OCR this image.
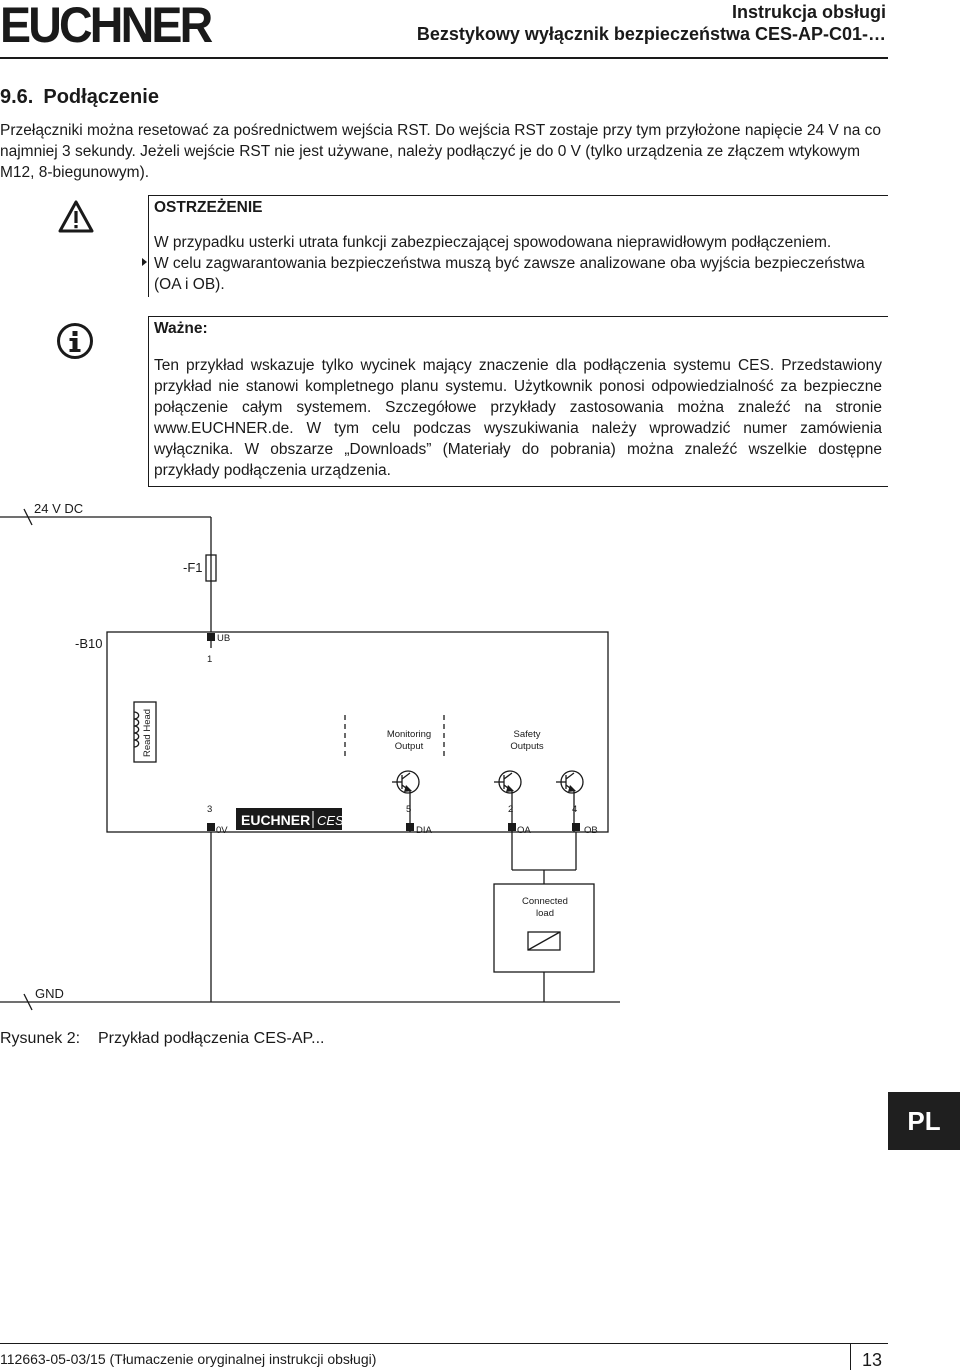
EUCHNER	Instrukcja obsługi
Bezstykowy wyłącznik bezpieczeństwa CES-AP-C01-…
9.6. Podłączenie
Przełączniki można resetować za pośrednictwem wejścia RST. Do wejścia RST zostaje przy tym przyłożone napięcie 24 V na co najmniej 3 sekundy. Jeżeli wejście RST nie jest używane, należy podłączyć je do 0 V (tylko urządzenia ze złączem wtykowym M12, 8-biegunowym).
OSTRZEŻENIE
W przypadku usterki utrata funkcji zabezpieczającej spowodowana nieprawidłowym podłączeniem.
W celu zagwarantowania bezpieczeństwa muszą być zawsze analizowane oba wyjścia bezpieczeństwa (OA i OB).
Ważne:
Ten przykład wskazuje tylko wycinek mający znaczenie dla podłączenia systemu CES. Przedstawiony przykład nie stanowi kompletnego planu systemu. Użytkownik ponosi odpowiedzialność za bezpieczne połączenie całym systemem. Szczegółowe przykłady zastosowania można znaleźć na stronie www.EUCHNER.de. W tym celu podczas wyszukiwania należy wprowadzić numer zamówienia wyłącznika. W obszarze „Downloads” (Materiały do pobrania) można znaleźć wszelkie dostępne przykłady podłączenia urządzenia.
EUCHNER CES
24 V DC
-F1
-B10
GND
UB
1
3
0V
5
DIA
2
OA
4
OB
Read Head	Monitoring
Output
Safety
Outputs
Connected
load
Rysunek 2: Przykład podłączenia CES-AP...
PL
112663-05-03/15 (Tłumaczenie oryginalnej instrukcji obsługi)	13
